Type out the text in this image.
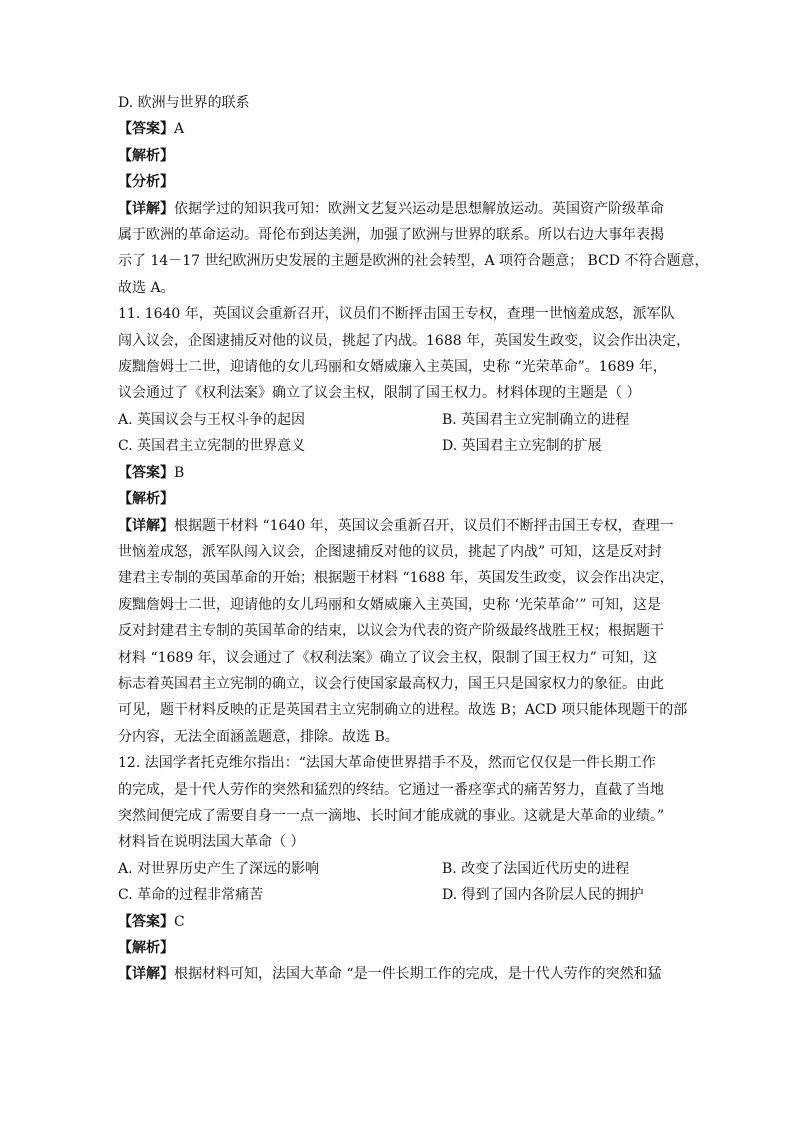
D. 欧洲与世界的联系
【答案】A
【解析】
【分析】
【详解】依据学过的知识我可知：欧洲文艺复兴运动是思想解放运动。英国资产阶级革命
属于欧洲的革命运动。哥伦布到达美洲，加强了欧洲与世界的联系。所以右边大事年表揭
示了 14－17 世纪欧洲历史发展的主题是欧洲的社会转型，A 项符合题意； BCD 不符合题意，
故选 A。
11. 1640 年，英国议会重新召开，议员们不断抨击国王专权，查理一世恼羞成怒，派军队
闯入议会，企图逮捕反对他的议员，挑起了内战。1688 年，英国发生政变，议会作出决定，
废黜詹姆士二世，迎请他的女儿玛丽和女婿威廉入主英国，史称 “光荣革命”。1689 年，
议会通过了《权利法案》确立了议会主权，限制了国王权力。材料体现的主题是（ ）
A. 英国议会与王权斗争的起因	B. 英国君主立宪制确立的进程
C. 英国君主立宪制的世界意义	D. 英国君主立宪制的扩展
【答案】B
【解析】
【详解】根据题干材料 “1640 年，英国议会重新召开，议员们不断抨击国王专权，查理一
世恼羞成怒，派军队闯入议会，企图逮捕反对他的议员，挑起了内战” 可知，这是反对封
建君主专制的英国革命的开始；根据题干材料 “1688 年，英国发生政变，议会作出决定，
废黜詹姆士二世，迎请他的女儿玛丽和女婿威廉入主英国，史称 ‘光荣革命’” 可知，这是
反对封建君主专制的英国革命的结束，以议会为代表的资产阶级最终战胜王权；根据题干
材料 “1689 年，议会通过了《权利法案》确立了议会主权，限制了国王权力” 可知，这
标志着英国君主立宪制的确立，议会行使国家最高权力，国王只是国家权力的象征。由此
可见，题干材料反映的正是英国君主立宪制确立的进程。故选 B；ACD 项只能体现题干的部
分内容，无法全面涵盖题意，排除。故选 B。
12. 法国学者托克维尔指出：“法国大革命使世界措手不及，然而它仅仅是一件长期工作
的完成，是十代人劳作的突然和猛烈的终结。它通过一番痉挛式的痛苦努力，直截了当地
突然间便完成了需要自身一一点一滴地、长时间才能成就的事业。这就是大革命的业绩。”
材料旨在说明法国大革命（ ）
A. 对世界历史产生了深远的影响	B. 改变了法国近代历史的进程
C. 革命的过程非常痛苦	D. 得到了国内各阶层人民的拥护
【答案】C
【解析】
【详解】根据材料可知，法国大革命 “是一件长期工作的完成，是十代人劳作的突然和猛
